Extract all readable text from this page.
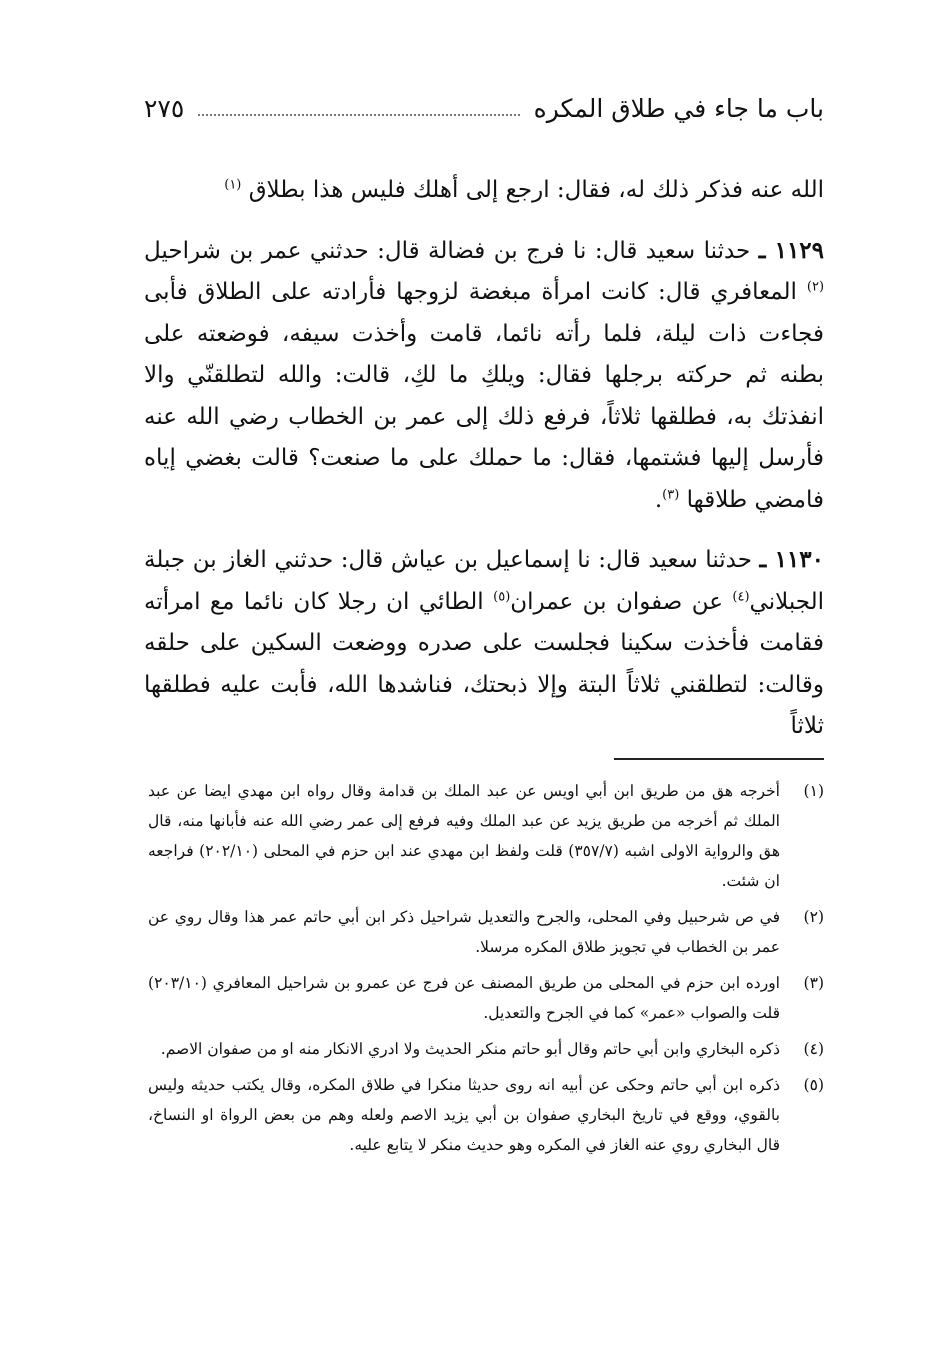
باب ما جاء في طلاق المكره
٢٧٥

الله عنه فذكر ذلك له، فقال: ارجع إلى أهلك فليس هذا بطلاق $^{(١)}$

١١٢٩ ـ حدثنا سعيد قال: نا فرج بن فضالة قال: حدثني عمر بن شراحيل $^{(٢)}$ المعافري قال: كانت امرأة مبغضة لزوجها فأرادته على الطلاق فأبى فجاءت ذات ليلة، فلما رأته نائما، قامت وأخذت سيفه، فوضعته على بطنه ثم حركته برجلها فقال: ويلكِ ما لكِ، قالت: والله لتطلقنّي والا انفذتك به، فطلقها ثلاثاً، فرفع ذلك إلى عمر بن الخطاب رضي الله عنه فأرسل إليها فشتمها، فقال: ما حملك على ما صنعت؟ قالت بغضي إياه فامضي طلاقها $^{(٣)}$.

١١٣٠ ـ حدثنا سعيد قال: نا إسماعيل بن عياش قال: حدثني الغاز بن جبلة الجبلاني$^{(٤)}$ عن صفوان بن عمران$^{(٥)}$ الطائي ان رجلا كان نائما مع امرأته فقامت فأخذت سكينا فجلست على صدره ووضعت السكين على حلقه وقالت: لتطلقني ثلاثاً البتة وإلا ذبحتك، فناشدها الله، فأبت عليه فطلقها ثلاثاً

(١)
أخرجه هق من طريق ابن أبي اويس عن عبد الملك بن قدامة وقال رواه ابن مهدي ايضا عن عبد الملك ثم أخرجه من طريق يزيد عن عبد الملك وفيه فرفع إلى عمر رضي الله عنه فأبانها منه، قال هق والرواية الاولى اشبه (٣٥٧/٧) قلت ولفظ ابن مهدي عند ابن حزم في المحلى (٢٠٢/١٠) فراجعه ان شئت.
(٢)
في ص شرحبيل وفي المحلى، والجرح والتعديل شراحيل ذكر ابن أبي حاتم عمر هذا وقال روي عن عمر بن الخطاب في تجويز طلاق المكره مرسلا.
(٣)
اورده ابن حزم في المحلى من طريق المصنف عن فرج عن عمرو بن شراحيل المعافري (٢٠٣/١٠) قلت والصواب «عمر» كما في الجرح والتعديل.
(٤)
ذكره البخاري وابن أبي حاتم وقال أبو حاتم منكر الحديث ولا ادري الانكار منه او من صفوان الاصم.
(٥)
ذكره ابن أبي حاتم وحكى عن أبيه انه روى حديثا منكرا في طلاق المكره، وقال يكتب حديثه وليس بالقوي، ووقع في تاريخ البخاري صفوان بن أبي يزيد الاصم ولعله وهم من بعض الرواة او النساخ، قال البخاري روي عنه الغاز في المكره وهو حديث منكر لا يتابع عليه.
